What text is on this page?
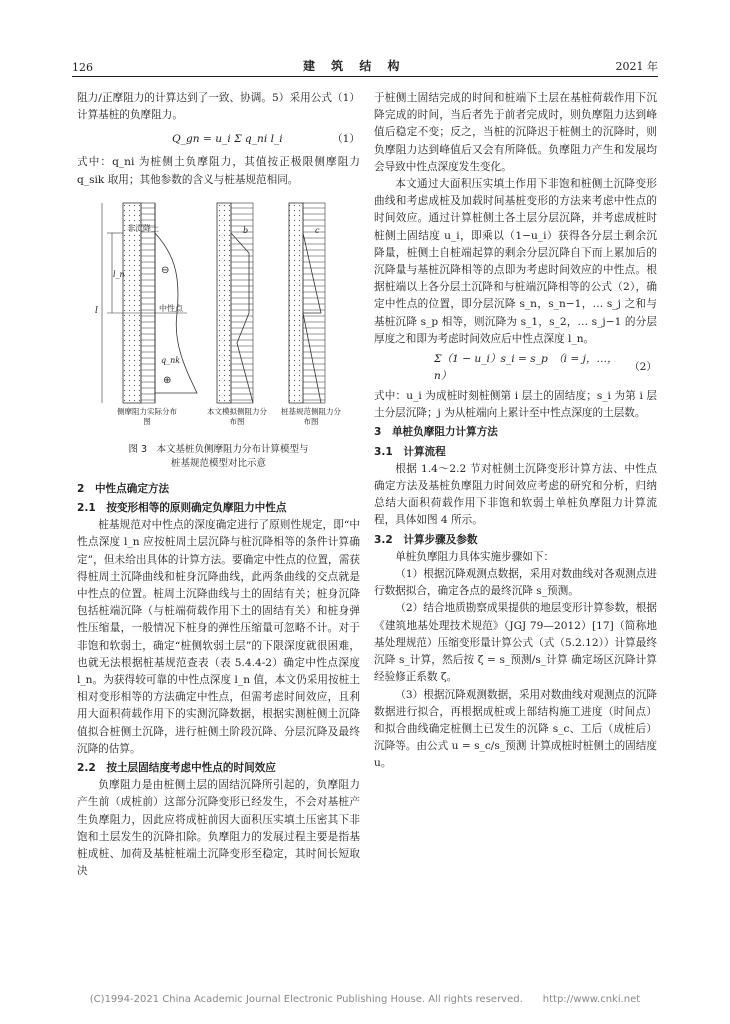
126	建 筑 结 构	2021 年

阻力/正摩阻力的计算达到了一致、协调。5）采用公式（1）计算基桩的负摩阻力。

Q_gn = u_i Σ q_ni l_i	（1）

式中：q_ni 为桩侧土负摩阻力，其值按正极限侧摩阻力 q_sik 取用；其他参数的含义与桩基规范相同。

非沉降土
中性点
q_nk
⊕
⊖
l
l_n
b	c
侧摩阻力实际分布图
本文模拟侧阻力分布图
桩基规范侧阻力分布图
图 3　本文基桩负侧摩阻力分布计算模型与
桩基规范模型对比示意
2　中性点确定方法
2.1　按变形相等的原则确定负摩阻力中性点

桩基规范对中性点的深度确定进行了原则性规定，即“中性点深度 l_n 应按桩周土层沉降与桩沉降相等的条件计算确定”，但未给出具体的计算方法。要确定中性点的位置，需获得桩周土沉降曲线和桩身沉降曲线，此两条曲线的交点就是中性点的位置。桩周土沉降曲线与土的固结有关；桩身沉降包括桩端沉降（与桩端荷载作用下土的固结有关）和桩身弹性压缩量，一般情况下桩身的弹性压缩量可忽略不计。对于非饱和软弱土，确定“桩侧软弱土层”的下限深度就很困难，也就无法根据桩基规范查表（表 5.4.4-2）确定中性点深度 l_n。为获得较可靠的中性点深度 l_n 值，本文仍采用按桩土相对变形相等的方法确定中性点，但需考虑时间效应，且利用大面积荷载作用下的实测沉降数据，根据实测桩侧土沉降值拟合桩侧土沉降，进行桩侧土阶段沉降、分层沉降及最终沉降的估算。

2.2　按土层固结度考虑中性点的时间效应

负摩阻力是由桩侧土层的固结沉降所引起的，负摩阻力产生前（成桩前）这部分沉降变形已经发生，不会对基桩产生负摩阻力，因此应将成桩前因大面积压实填土压密其下非饱和土层发生的沉降扣除。负摩阻力的发展过程主要是指基桩成桩、加荷及基桩桩端土沉降变形至稳定，其时间长短取决

于桩侧土固结完成的时间和桩端下土层在基桩荷载作用下沉降完成的时间，当后者先于前者完成时，则负摩阻力达到峰值后稳定不变；反之，当桩的沉降迟于桩侧土的沉降时，则负摩阻力达到峰值后又会有所降低。负摩阻力产生和发展均会导致中性点深度发生变化。

本文通过大面积压实填土作用下非饱和桩侧土沉降变形曲线和考虑成桩及加载时间基桩变形的方法来考虑中性点的时间效应。通过计算桩侧土各土层分层沉降，并考虑成桩时桩侧土固结度 u_i，即乘以（1−u_i）获得各分层土剩余沉降量，桩侧土自桩端起算的剩余分层沉降自下而上累加后的沉降量与基桩沉降相等的点即为考虑时间效应的中性点。根据桩端以上各分层土沉降和与桩端沉降相等的公式（2），确定中性点的位置，即分层沉降 s_n，s_n−1，… s_j 之和与基桩沉降 s_p 相等，则沉降为 s_1，s_2，… s_j−1 的分层厚度之和即为考虑时间效应后中性点深度 l_n。

Σ（1 − u_i）s_i = s_p　（i = j，…，n）
（2）

式中：u_i 为成桩时刻桩侧第 i 层土的固结度；s_i 为第 i 层土分层沉降；j 为从桩端向上累计至中性点深度的土层数。

3　单桩负摩阻力计算方法
3.1　计算流程

根据 1.4～2.2 节对桩侧土沉降变形计算方法、中性点确定方法及基桩负摩阻力时间效应考虑的研究和分析，归纳总结大面积荷载作用下非饱和软弱土单桩负摩阻力计算流程，具体如图 4 所示。

3.2　计算步骤及参数

单桩负摩阻力具体实施步骤如下：

（1）根据沉降观测点数据，采用对数曲线对各观测点进行数据拟合，确定各点的最终沉降 s_预测。

（2）结合地质勘察成果提供的地层变形计算参数，根据《建筑地基处理技术规范》（JGJ 79—2012）[17]（简称地基处理规范）压缩变形量计算公式（式（5.2.12））计算最终沉降 s_计算，然后按 ζ = s_预测/s_计算 确定场区沉降计算经验修正系数 ζ。

（3）根据沉降观测数据，采用对数曲线对观测点的沉降数据进行拟合，再根据成桩或上部结构施工进度（时间点）和拟合曲线确定桩侧土已发生的沉降 s_c、工后（成桩后）沉降等。由公式 u = s_c/s_预测 计算成桩时桩侧土的固结度 u。

(C)1994-2021 China Academic Journal Electronic Publishing House. All rights reserved.　　http://www.cnki.net
